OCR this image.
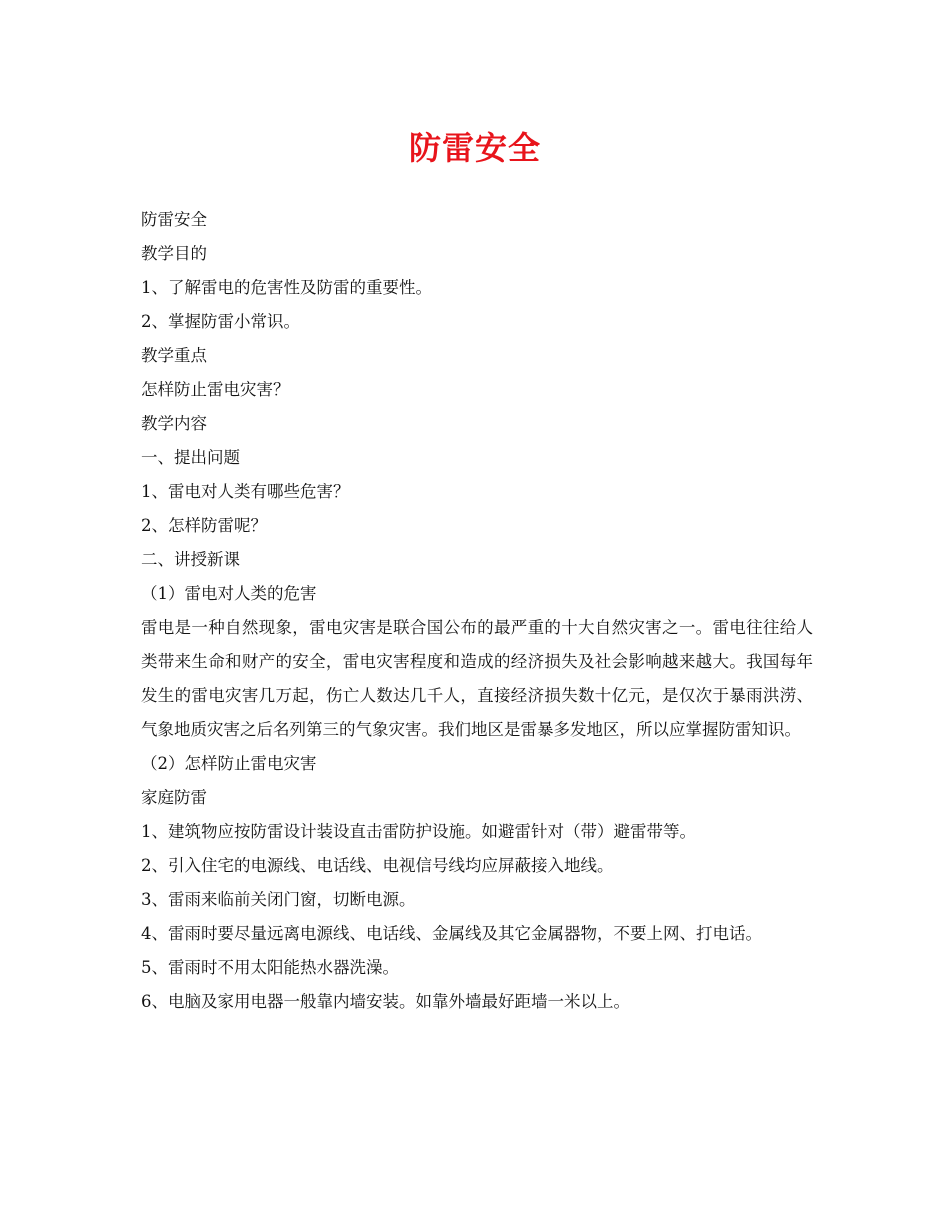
防雷安全

防雷安全

教学目的

1、了解雷电的危害性及防雷的重要性。

2、掌握防雷小常识。

教学重点

怎样防止雷电灾害？

教学内容

一、提出问题

1、雷电对人类有哪些危害？

2、怎样防雷呢？

二、讲授新课

（1）雷电对人类的危害

雷电是一种自然现象，雷电灾害是联合国公布的最严重的十大自然灾害之一。雷电往往给人类带来生命和财产的安全，雷电灾害程度和造成的经济损失及社会影响越来越大。我国每年发生的雷电灾害几万起，伤亡人数达几千人，直接经济损失数十亿元，是仅次于暴雨洪涝、气象地质灾害之后名列第三的气象灾害。我们地区是雷暴多发地区，所以应掌握防雷知识。

（2）怎样防止雷电灾害

家庭防雷

1、建筑物应按防雷设计装设直击雷防护设施。如避雷针对（带）避雷带等。

2、引入住宅的电源线、电话线、电视信号线均应屏蔽接入地线。

3、雷雨来临前关闭门窗，切断电源。

4、雷雨时要尽量远离电源线、电话线、金属线及其它金属器物，不要上网、打电话。

5、雷雨时不用太阳能热水器洗澡。

6、电脑及家用电器一般靠内墙安装。如靠外墙最好距墙一米以上。
